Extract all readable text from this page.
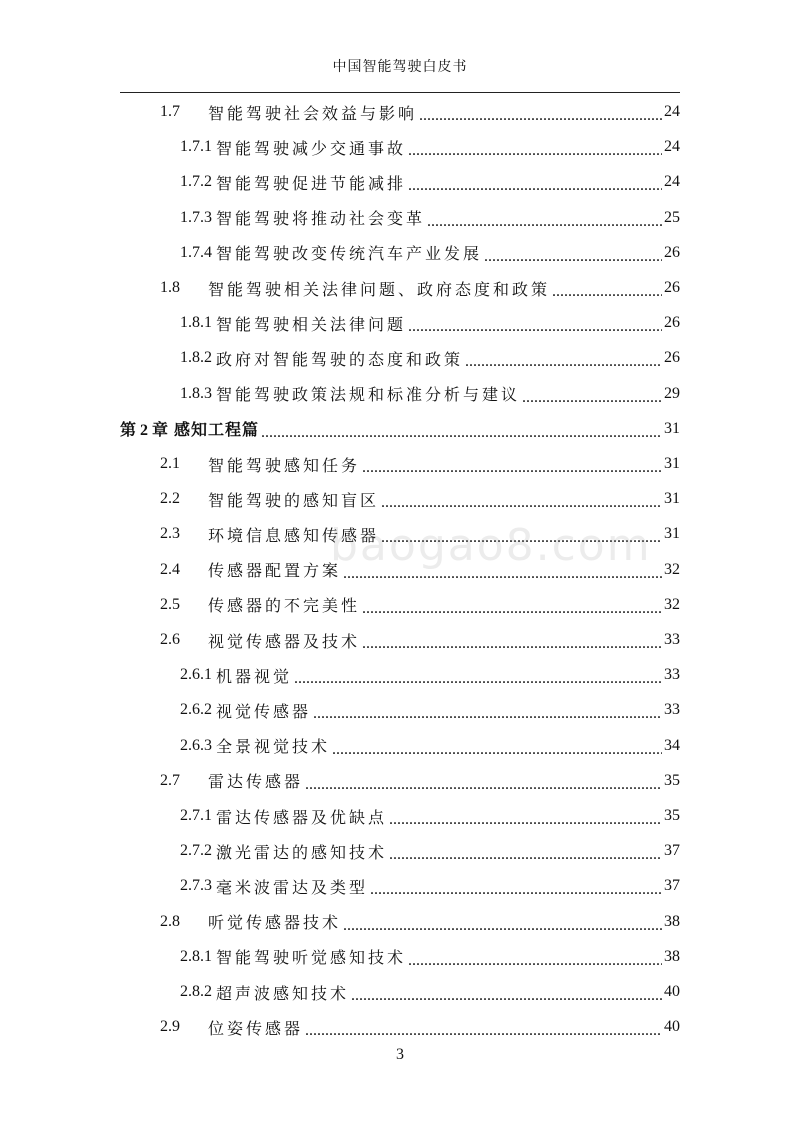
中国智能驾驶白皮书
1.7	智能驾驶社会效益与影响 .....	24
1.7.1 智能驾驶减少交通事故 .....	24
1.7.2 智能驾驶促进节能减排 .....	24
1.7.3 智能驾驶将推动社会变革 .....	25
1.7.4 智能驾驶改变传统汽车产业发展 .....	26
1.8	智能驾驶相关法律问题、政府态度和政策 .....	26
1.8.1 智能驾驶相关法律问题 .....	26
1.8.2 政府对智能驾驶的态度和政策 .....	26
1.8.3 智能驾驶政策法规和标准分析与建议 .....	29
第 2 章 感知工程篇 .....	31
2.1	智能驾驶感知任务 .....	31
2.2	智能驾驶的感知盲区 .....	31
2.3	环境信息感知传感器 .....	31
2.4	传感器配置方案 .....	32
2.5	传感器的不完美性 .....	32
2.6	视觉传感器及技术 .....	33
2.6.1 机器视觉 .....	33
2.6.2 视觉传感器 .....	33
2.6.3 全景视觉技术 .....	34
2.7	雷达传感器 .....	35
2.7.1 雷达传感器及优缺点 .....	35
2.7.2 激光雷达的感知技术 .....	37
2.7.3 毫米波雷达及类型 .....	37
2.8	听觉传感器技术 .....	38
2.8.1 智能驾驶听觉感知技术 .....	38
2.8.2 超声波感知技术 .....	40
2.9	位姿传感器 .....	40
baogao8.com
3
